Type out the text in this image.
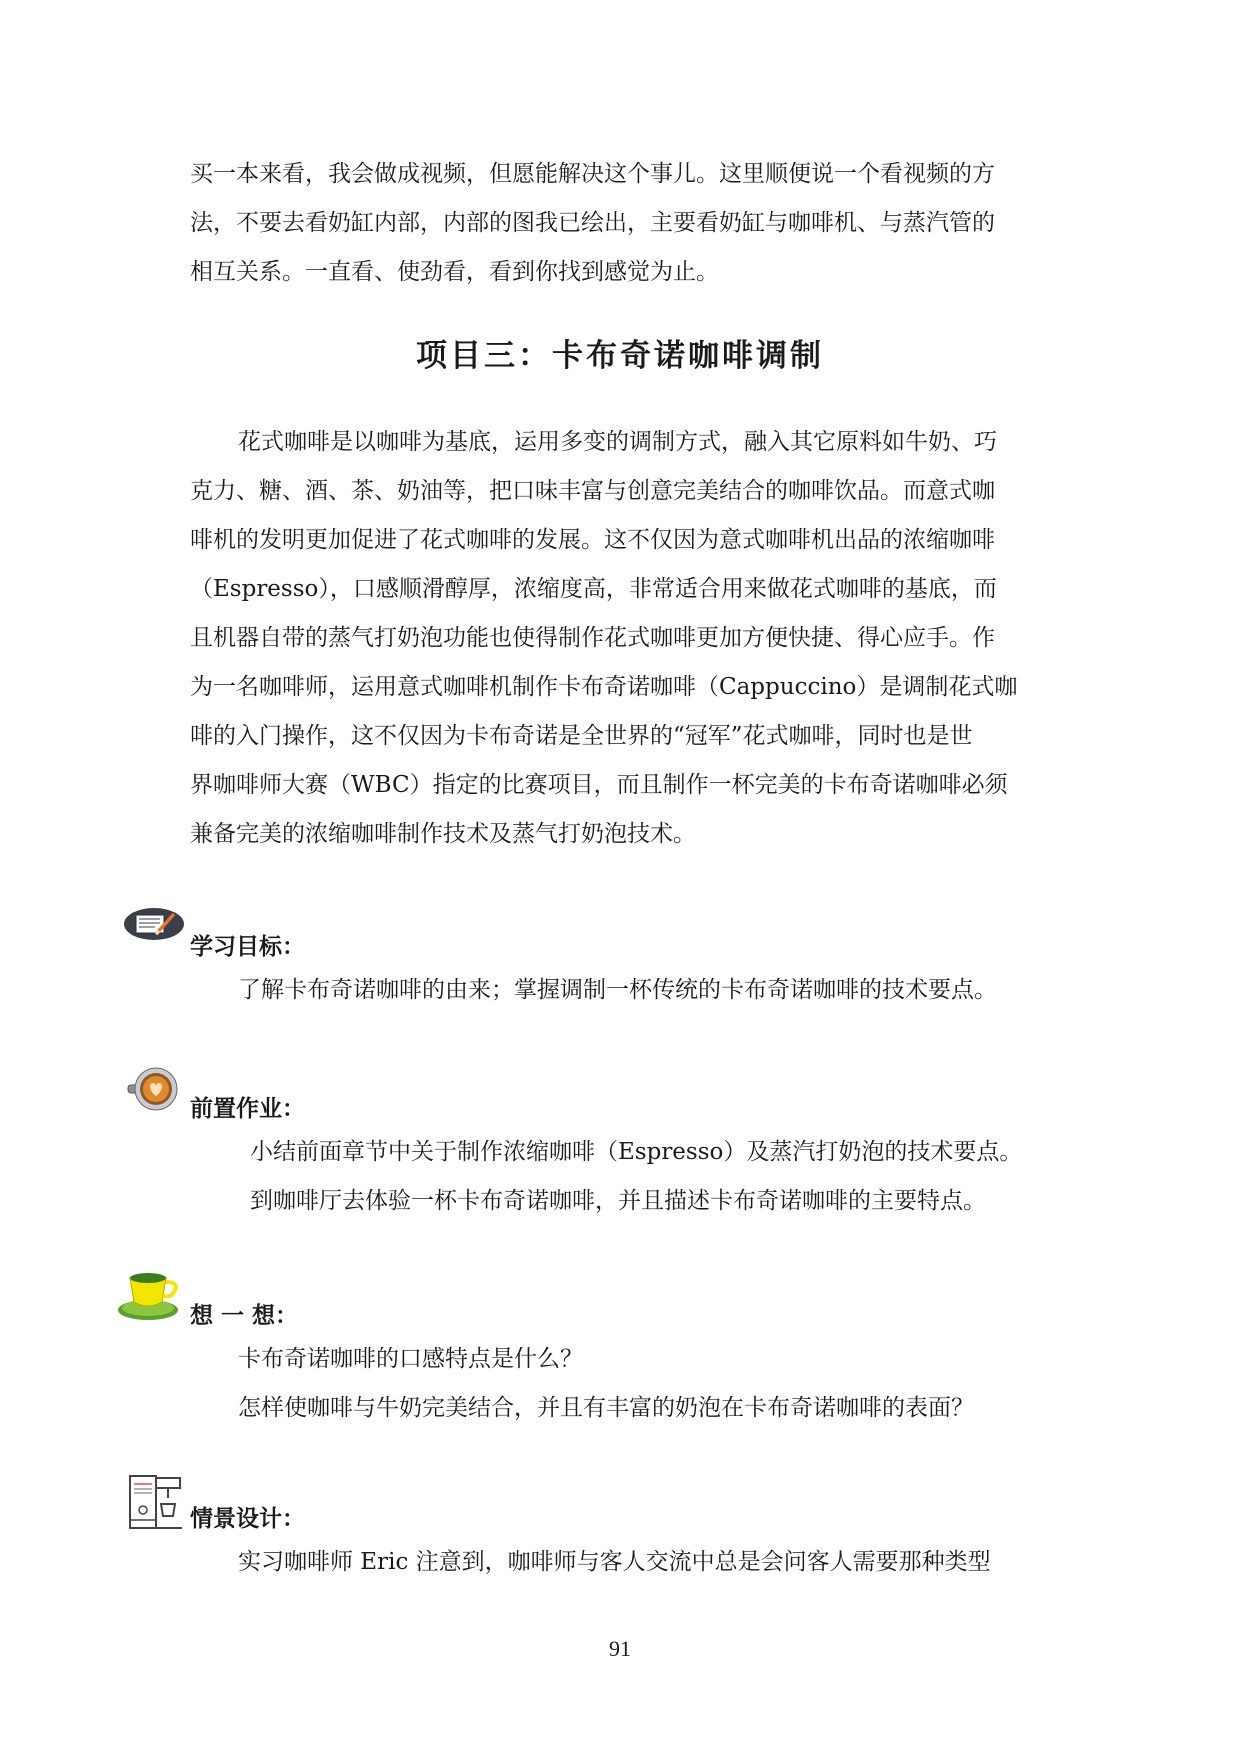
买一本来看，我会做成视频，但愿能解决这个事儿。这里顺便说一个看视频的方
法，不要去看奶缸内部，内部的图我已绘出，主要看奶缸与咖啡机、与蒸汽管的
相互关系。一直看、使劲看，看到你找到感觉为止。
项目三：卡布奇诺咖啡调制
花式咖啡是以咖啡为基底，运用多变的调制方式，融入其它原料如牛奶、巧
克力、糖、酒、茶、奶油等，把口味丰富与创意完美结合的咖啡饮品。而意式咖
啡机的发明更加促进了花式咖啡的发展。这不仅因为意式咖啡机出品的浓缩咖啡
（Espresso），口感顺滑醇厚，浓缩度高，非常适合用来做花式咖啡的基底，而
且机器自带的蒸气打奶泡功能也使得制作花式咖啡更加方便快捷、得心应手。作
为一名咖啡师，运用意式咖啡机制作卡布奇诺咖啡（Cappuccino）是调制花式咖
啡的入门操作，这不仅因为卡布奇诺是全世界的“冠军”花式咖啡，同时也是世
界咖啡师大赛（WBC）指定的比赛项目，而且制作一杯完美的卡布奇诺咖啡必须
兼备完美的浓缩咖啡制作技术及蒸气打奶泡技术。
学习目标：
了解卡布奇诺咖啡的由来；掌握调制一杯传统的卡布奇诺咖啡的技术要点。
前置作业：
小结前面章节中关于制作浓缩咖啡（Espresso）及蒸汽打奶泡的技术要点。
到咖啡厅去体验一杯卡布奇诺咖啡，并且描述卡布奇诺咖啡的主要特点。
想 一 想：
卡布奇诺咖啡的口感特点是什么？
怎样使咖啡与牛奶完美结合，并且有丰富的奶泡在卡布奇诺咖啡的表面？
情景设计：
实习咖啡师 Eric 注意到，咖啡师与客人交流中总是会问客人需要那种类型
91
